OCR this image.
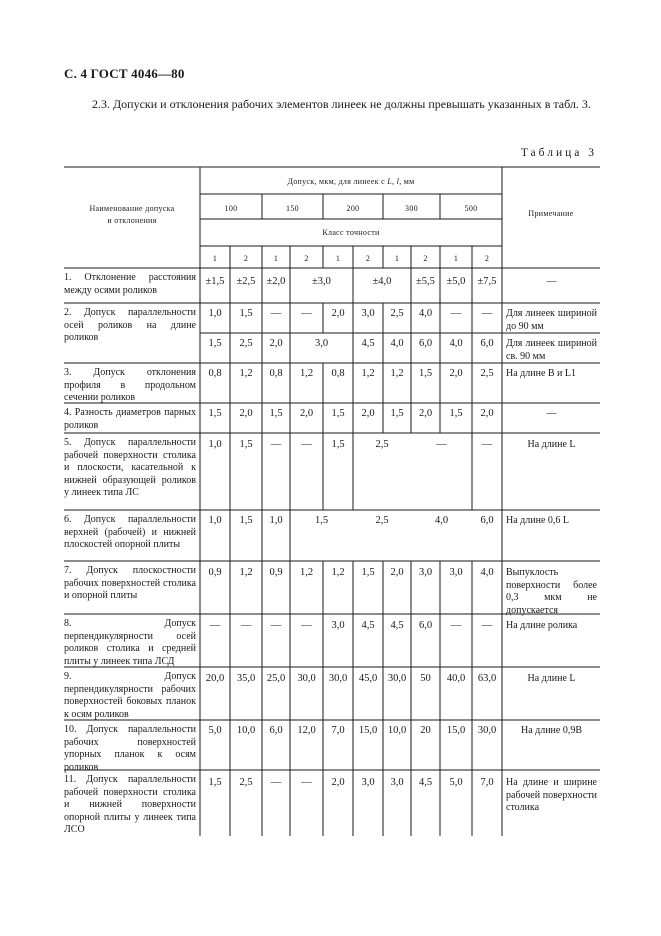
С. 4 ГОСТ 4046—80
2.3. Допуски и отклонения рабочих элементов линеек не должны превышать указанных в табл. 3.
Таблица 3
Наименование допуска
и отклонения
Допуск, мкм, для линеек с L, l, мм
100	150	200	300	500
Класс точности
1	2	1	2	1	2	1	2	1	2
Примечание
1. Отклонение расстояния между осями роликов
±1,5	±2,5	±2,0	±3,0	±4,0	±5,5	±5,0	±7,5	—
2. Допуск параллельности осей роликов на длине роликов
1,0	1,5	—	—	2,0	3,0	2,5	4,0	—	—
1,5	2,5	2,0	3,0	4,5	4,0	6,0	4,0	6,0
Для линеек шириной до 90 мм
Для линеек шириной св. 90 мм
3. Допуск отклонения профиля в продольном сечении роликов
0,8	1,2	0,8	1,2	0,8	1,2	1,2	1,5	2,0	2,5	На длине B и L1
4. Разность диаметров парных роликов
1,5	2,0	1,5	2,0	1,5	2,0	1,5	2,0	1,5	2,0	—
5. Допуск параллельности рабочей поверхности столика и плоскости, касательной к нижней образующей роликов у линеек типа ЛС
1,0	1,5	—	—	1,5	2,5	—	—	На длине L
6. Допуск параллельности верхней (рабочей) и нижней плоскостей опорной плиты
1,0	1,5	1,0	1,5	2,5	4,0	6,0	На длине 0,6 L
7. Допуск плоскостности рабочих поверхностей столика и опорной плиты
0,9	1,2	0,9	1,2	1,2	1,5	2,0	3,0	3,0	4,0	Выпуклость поверхности более 0,3 мкм не допускается
8. Допуск перпендикулярности осей роликов столика и средней плиты у линеек типа ЛСД
—	—	—	—	3,0	4,5	4,5	6,0	—	—	На длине ролика
9. Допуск перпендикулярности рабочих поверхностей боковых планок к осям роликов
20,0	35,0	25,0	30,0	30,0	45,0	30,0	50	40,0	63,0	На длине L
10. Допуск параллельности рабочих поверхностей упорных планок к осям роликов
5,0	10,0	6,0	12,0	7,0	15,0	10,0	20	15,0	30,0	На длине 0,9B
11. Допуск параллельности рабочей поверхности столика и нижней поверхности опорной плиты у линеек типа ЛСО
1,5	2,5	—	—	2,0	3,0	3,0	4,5	5,0	7,0	На длине и ширине рабочей поверхности столика
